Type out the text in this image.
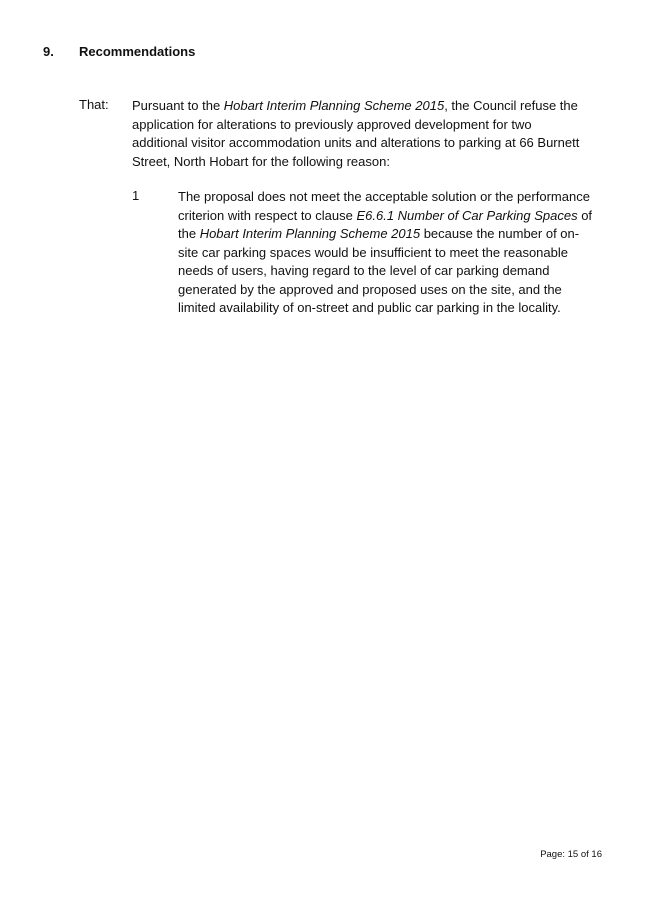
9.	Recommendations
That: Pursuant to the Hobart Interim Planning Scheme 2015, the Council refuse the application for alterations to previously approved development for two additional visitor accommodation units and alterations to parking at 66 Burnett Street, North Hobart for the following reason:
1	The proposal does not meet the acceptable solution or the performance criterion with respect to clause E6.6.1 Number of Car Parking Spaces of the Hobart Interim Planning Scheme 2015 because the number of on-site car parking spaces would be insufficient to meet the reasonable needs of users, having regard to the level of car parking demand generated by the approved and proposed uses on the site, and the limited availability of on-street and public car parking in the locality.
Page: 15 of 16
